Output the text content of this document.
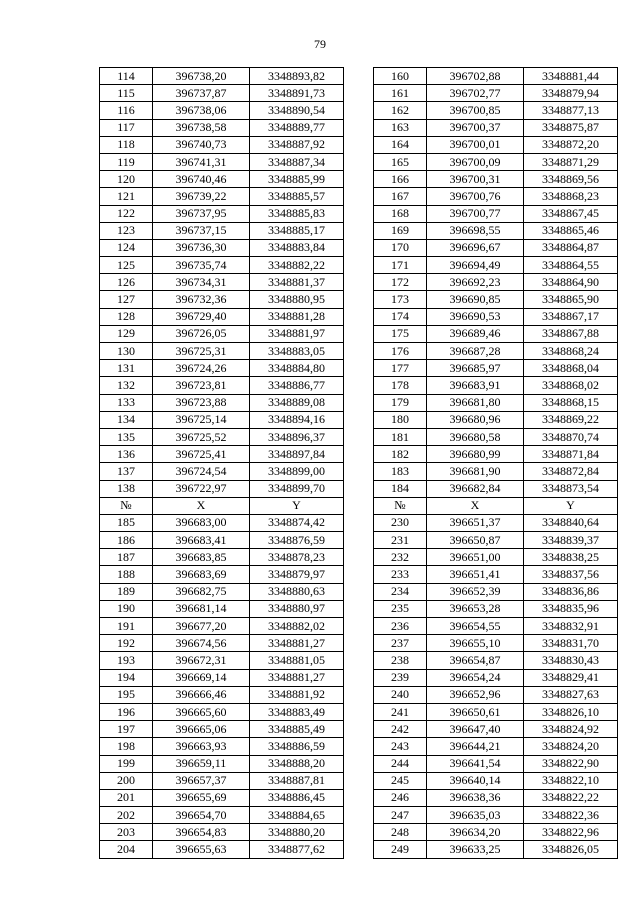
79
114	396738,20	3348893,82		160	396702,88	3348881,44
115	396737,87	3348891,73		161	396702,77	3348879,94
116	396738,06	3348890,54		162	396700,85	3348877,13
117	396738,58	3348889,77		163	396700,37	3348875,87
118	396740,73	3348887,92		164	396700,01	3348872,20
119	396741,31	3348887,34		165	396700,09	3348871,29
120	396740,46	3348885,99		166	396700,31	3348869,56
121	396739,22	3348885,57		167	396700,76	3348868,23
122	396737,95	3348885,83		168	396700,77	3348867,45
123	396737,15	3348885,17		169	396698,55	3348865,46
124	396736,30	3348883,84		170	396696,67	3348864,87
125	396735,74	3348882,22		171	396694,49	3348864,55
126	396734,31	3348881,37		172	396692,23	3348864,90
127	396732,36	3348880,95		173	396690,85	3348865,90
128	396729,40	3348881,28		174	396690,53	3348867,17
129	396726,05	3348881,97		175	396689,46	3348867,88
130	396725,31	3348883,05		176	396687,28	3348868,24
131	396724,26	3348884,80		177	396685,97	3348868,04
132	396723,81	3348886,77		178	396683,91	3348868,02
133	396723,88	3348889,08		179	396681,80	3348868,15
134	396725,14	3348894,16		180	396680,96	3348869,22
135	396725,52	3348896,37		181	396680,58	3348870,74
136	396725,41	3348897,84		182	396680,99	3348871,84
137	396724,54	3348899,00		183	396681,90	3348872,84
138	396722,97	3348899,70		184	396682,84	3348873,54
№	X	Y		№	X	Y
185	396683,00	3348874,42		230	396651,37	3348840,64
186	396683,41	3348876,59		231	396650,87	3348839,37
187	396683,85	3348878,23		232	396651,00	3348838,25
188	396683,69	3348879,97		233	396651,41	3348837,56
189	396682,75	3348880,63		234	396652,39	3348836,86
190	396681,14	3348880,97		235	396653,28	3348835,96
191	396677,20	3348882,02		236	396654,55	3348832,91
192	396674,56	3348881,27		237	396655,10	3348831,70
193	396672,31	3348881,05		238	396654,87	3348830,43
194	396669,14	3348881,27		239	396654,24	3348829,41
195	396666,46	3348881,92		240	396652,96	3348827,63
196	396665,60	3348883,49		241	396650,61	3348826,10
197	396665,06	3348885,49		242	396647,40	3348824,92
198	396663,93	3348886,59		243	396644,21	3348824,20
199	396659,11	3348888,20		244	396641,54	3348822,90
200	396657,37	3348887,81		245	396640,14	3348822,10
201	396655,69	3348886,45		246	396638,36	3348822,22
202	396654,70	3348884,65		247	396635,03	3348822,36
203	396654,83	3348880,20		248	396634,20	3348822,96
204	396655,63	3348877,62		249	396633,25	3348826,05
